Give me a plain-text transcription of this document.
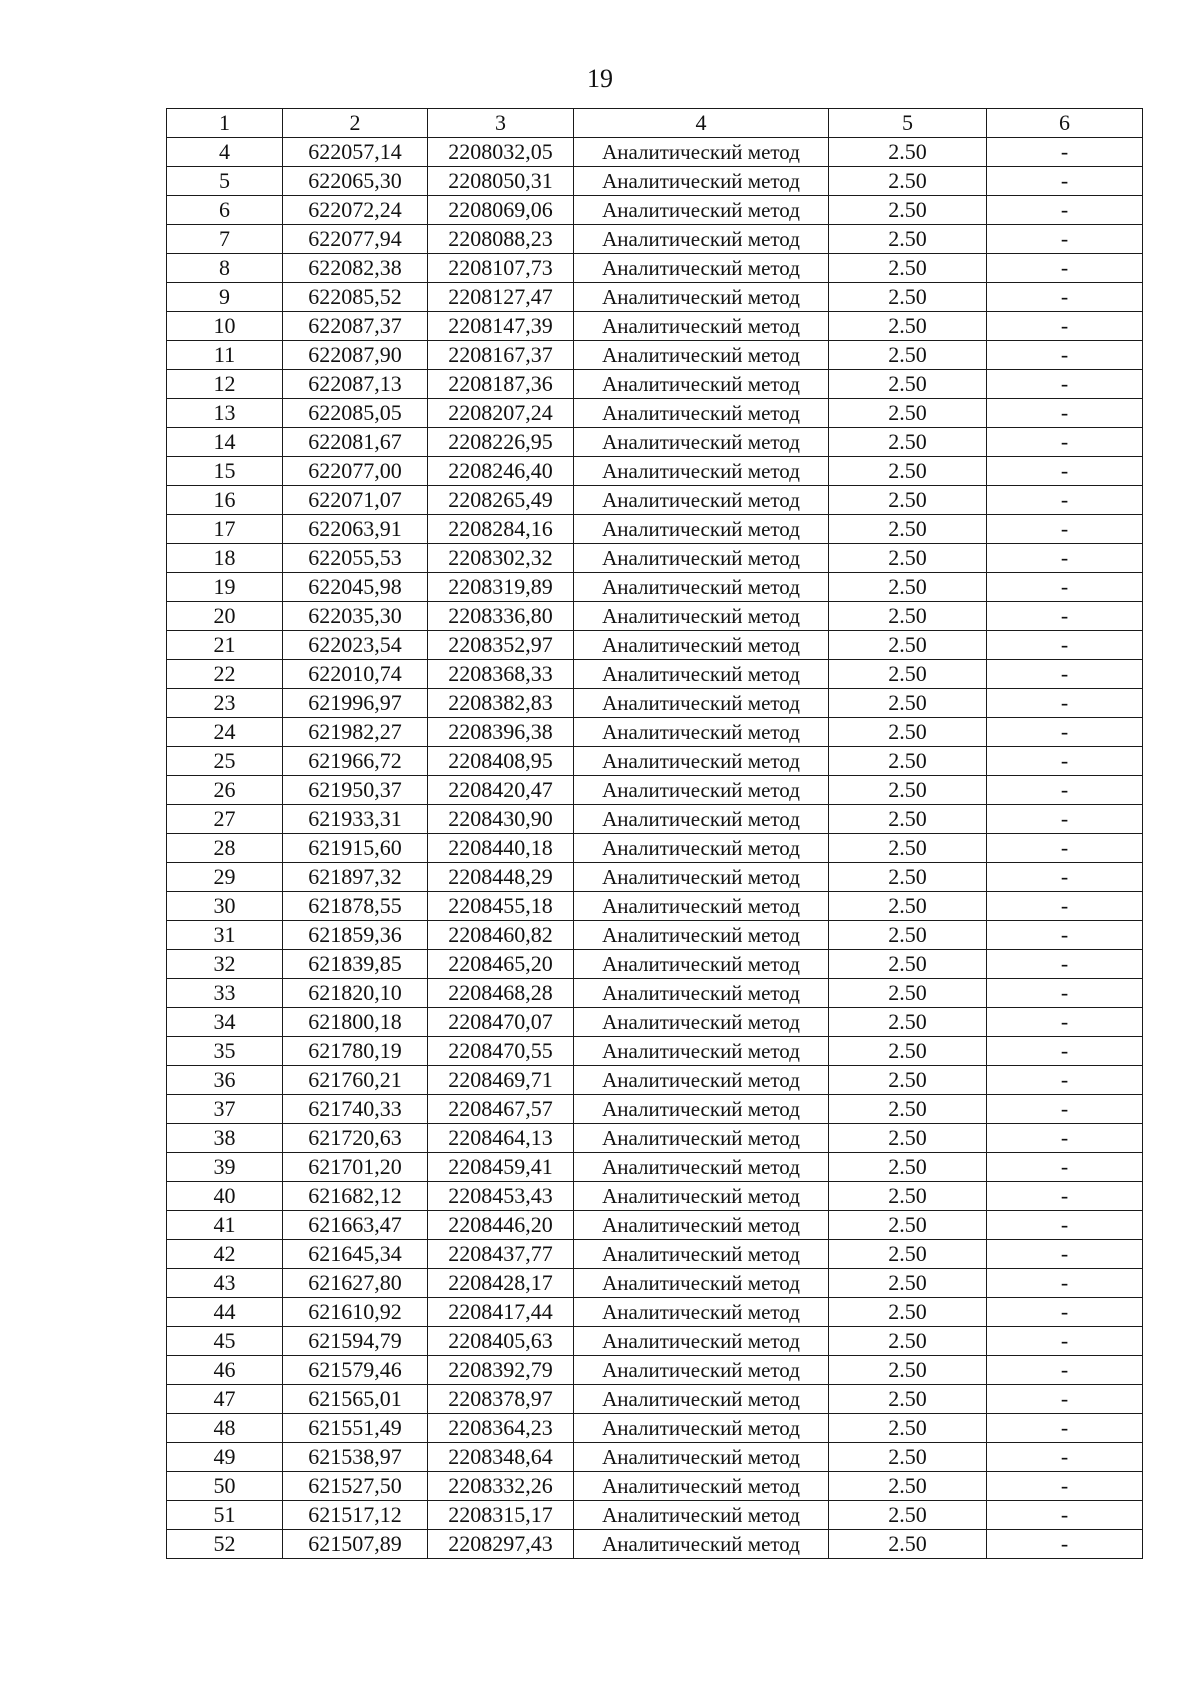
19
1	2	3	4	5	6
4	622057,14	2208032,05	Аналитический метод	2.50	-
5	622065,30	2208050,31	Аналитический метод	2.50	-
6	622072,24	2208069,06	Аналитический метод	2.50	-
7	622077,94	2208088,23	Аналитический метод	2.50	-
8	622082,38	2208107,73	Аналитический метод	2.50	-
9	622085,52	2208127,47	Аналитический метод	2.50	-
10	622087,37	2208147,39	Аналитический метод	2.50	-
11	622087,90	2208167,37	Аналитический метод	2.50	-
12	622087,13	2208187,36	Аналитический метод	2.50	-
13	622085,05	2208207,24	Аналитический метод	2.50	-
14	622081,67	2208226,95	Аналитический метод	2.50	-
15	622077,00	2208246,40	Аналитический метод	2.50	-
16	622071,07	2208265,49	Аналитический метод	2.50	-
17	622063,91	2208284,16	Аналитический метод	2.50	-
18	622055,53	2208302,32	Аналитический метод	2.50	-
19	622045,98	2208319,89	Аналитический метод	2.50	-
20	622035,30	2208336,80	Аналитический метод	2.50	-
21	622023,54	2208352,97	Аналитический метод	2.50	-
22	622010,74	2208368,33	Аналитический метод	2.50	-
23	621996,97	2208382,83	Аналитический метод	2.50	-
24	621982,27	2208396,38	Аналитический метод	2.50	-
25	621966,72	2208408,95	Аналитический метод	2.50	-
26	621950,37	2208420,47	Аналитический метод	2.50	-
27	621933,31	2208430,90	Аналитический метод	2.50	-
28	621915,60	2208440,18	Аналитический метод	2.50	-
29	621897,32	2208448,29	Аналитический метод	2.50	-
30	621878,55	2208455,18	Аналитический метод	2.50	-
31	621859,36	2208460,82	Аналитический метод	2.50	-
32	621839,85	2208465,20	Аналитический метод	2.50	-
33	621820,10	2208468,28	Аналитический метод	2.50	-
34	621800,18	2208470,07	Аналитический метод	2.50	-
35	621780,19	2208470,55	Аналитический метод	2.50	-
36	621760,21	2208469,71	Аналитический метод	2.50	-
37	621740,33	2208467,57	Аналитический метод	2.50	-
38	621720,63	2208464,13	Аналитический метод	2.50	-
39	621701,20	2208459,41	Аналитический метод	2.50	-
40	621682,12	2208453,43	Аналитический метод	2.50	-
41	621663,47	2208446,20	Аналитический метод	2.50	-
42	621645,34	2208437,77	Аналитический метод	2.50	-
43	621627,80	2208428,17	Аналитический метод	2.50	-
44	621610,92	2208417,44	Аналитический метод	2.50	-
45	621594,79	2208405,63	Аналитический метод	2.50	-
46	621579,46	2208392,79	Аналитический метод	2.50	-
47	621565,01	2208378,97	Аналитический метод	2.50	-
48	621551,49	2208364,23	Аналитический метод	2.50	-
49	621538,97	2208348,64	Аналитический метод	2.50	-
50	621527,50	2208332,26	Аналитический метод	2.50	-
51	621517,12	2208315,17	Аналитический метод	2.50	-
52	621507,89	2208297,43	Аналитический метод	2.50	-
